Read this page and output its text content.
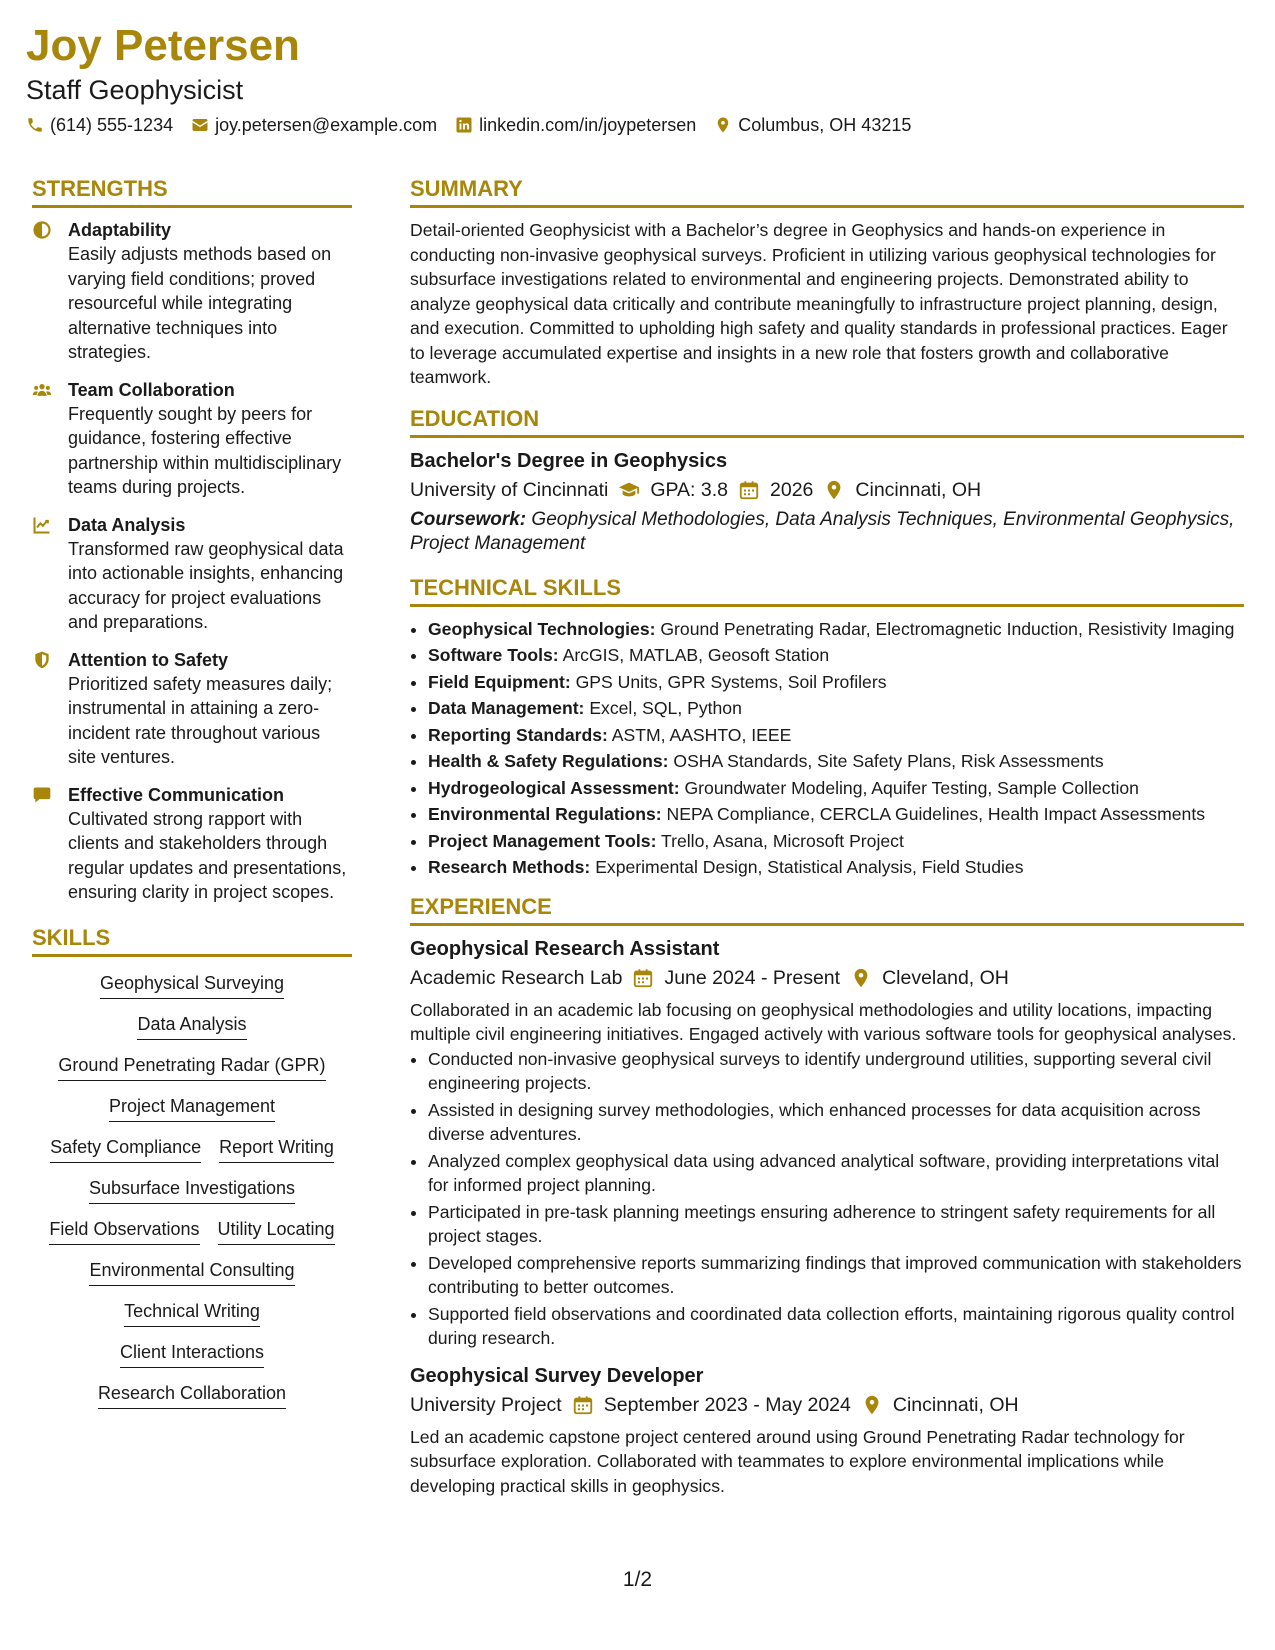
Joy Petersen
Staff Geophysicist
(614) 555-1234 joy.petersen@example.com linkedin.com/in/joypetersen Columbus, OH 43215
STRENGTHS
Adaptability
Easily adjusts methods based on varying field conditions; proved resourceful while integrating alternative techniques into strategies.
Team Collaboration
Frequently sought by peers for guidance, fostering effective partnership within multidisciplinary teams during projects.
Data Analysis
Transformed raw geophysical data into actionable insights, enhancing accuracy for project evaluations and preparations.
Attention to Safety
Prioritized safety measures daily; instrumental in attaining a zero-incident rate throughout various site ventures.
Effective Communication
Cultivated strong rapport with clients and stakeholders through regular updates and presentations, ensuring clarity in project scopes.
SKILLS
Geophysical Surveying
Data Analysis
Ground Penetrating Radar (GPR)
Project Management
Safety Compliance Report Writing
Subsurface Investigations
Field Observations Utility Locating
Environmental Consulting
Technical Writing
Client Interactions
Research Collaboration
SUMMARY
Detail-oriented Geophysicist with a Bachelor’s degree in Geophysics and hands-on experience in conducting non-invasive geophysical surveys. Proficient in utilizing various geophysical technologies for subsurface investigations related to environmental and engineering projects. Demonstrated ability to analyze geophysical data critically and contribute meaningfully to infrastructure project planning, design, and execution. Committed to upholding high safety and quality standards in professional practices. Eager to leverage accumulated expertise and insights in a new role that fosters growth and collaborative teamwork.
EDUCATION
Bachelor's Degree in Geophysics
University of Cincinnati GPA: 3.8 2026 Cincinnati, OH
Coursework: Geophysical Methodologies, Data Analysis Techniques, Environmental Geophysics, Project Management
TECHNICAL SKILLS
• Geophysical Technologies: Ground Penetrating Radar, Electromagnetic Induction, Resistivity Imaging
• Software Tools: ArcGIS, MATLAB, Geosoft Station
• Field Equipment: GPS Units, GPR Systems, Soil Profilers
• Data Management: Excel, SQL, Python
• Reporting Standards: ASTM, AASHTO, IEEE
• Health & Safety Regulations: OSHA Standards, Site Safety Plans, Risk Assessments
• Hydrogeological Assessment: Groundwater Modeling, Aquifer Testing, Sample Collection
• Environmental Regulations: NEPA Compliance, CERCLA Guidelines, Health Impact Assessments
• Project Management Tools: Trello, Asana, Microsoft Project
• Research Methods: Experimental Design, Statistical Analysis, Field Studies
EXPERIENCE
Geophysical Research Assistant
Academic Research Lab June 2024 - Present Cleveland, OH
Collaborated in an academic lab focusing on geophysical methodologies and utility locations, impacting multiple civil engineering initiatives. Engaged actively with various software tools for geophysical analyses.
• Conducted non-invasive geophysical surveys to identify underground utilities, supporting several civil engineering projects.
• Assisted in designing survey methodologies, which enhanced processes for data acquisition across diverse adventures.
• Analyzed complex geophysical data using advanced analytical software, providing interpretations vital for informed project planning.
• Participated in pre-task planning meetings ensuring adherence to stringent safety requirements for all project stages.
• Developed comprehensive reports summarizing findings that improved communication with stakeholders contributing to better outcomes.
• Supported field observations and coordinated data collection efforts, maintaining rigorous quality control during research.
Geophysical Survey Developer
University Project September 2023 - May 2024 Cincinnati, OH
Led an academic capstone project centered around using Ground Penetrating Radar technology for subsurface exploration. Collaborated with teammates to explore environmental implications while developing practical skills in geophysics.
1/2
